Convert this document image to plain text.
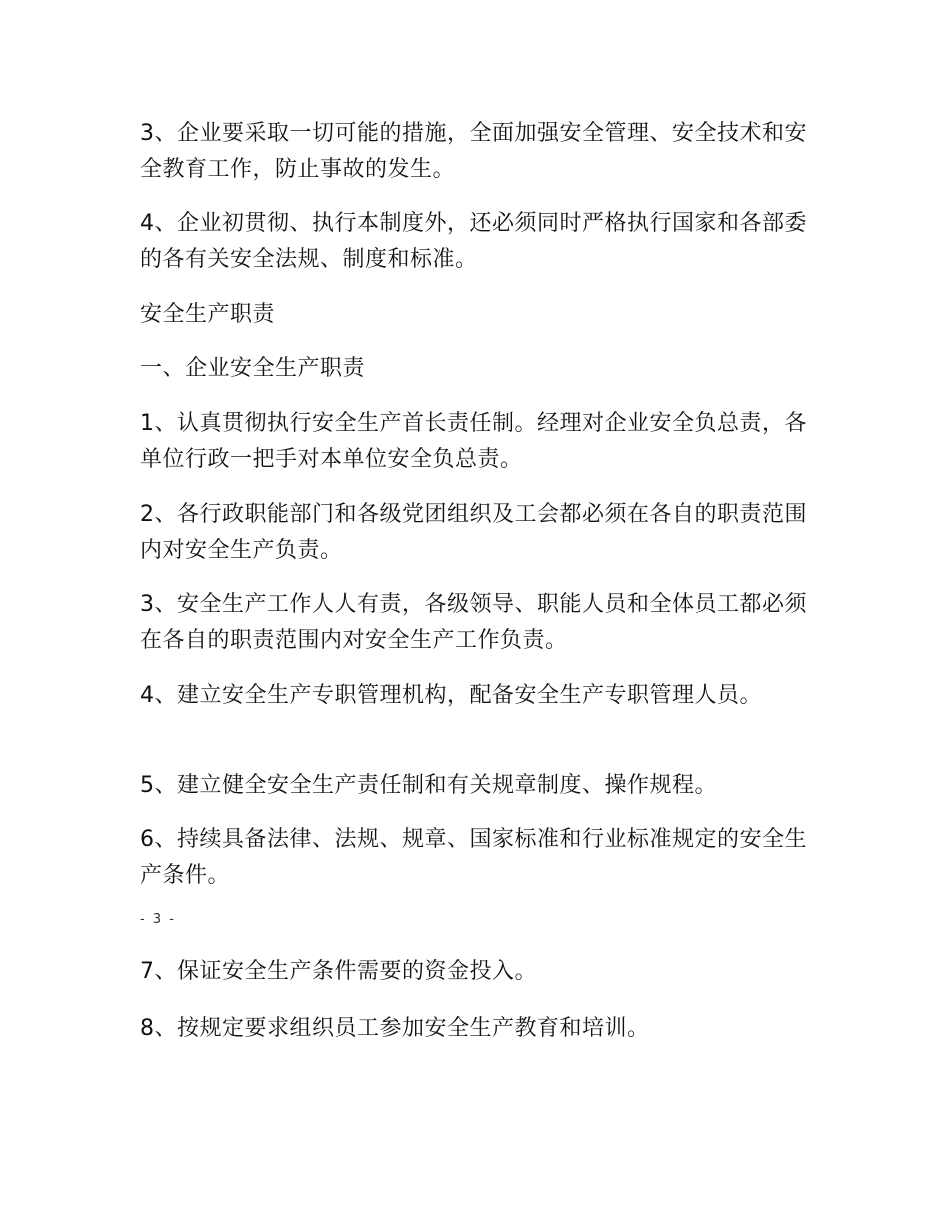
3、企业要采取一切可能的措施，全面加强安全管理、安全技术和安全教育工作，防止事故的发生。

4、企业初贯彻、执行本制度外，还必须同时严格执行国家和各部委的各有关安全法规、制度和标准。

安全生产职责

一、企业安全生产职责

1、认真贯彻执行安全生产首长责任制。经理对企业安全负总责，各单位行政一把手对本单位安全负总责。

2、各行政职能部门和各级党团组织及工会都必须在各自的职责范围内对安全生产负责。

3、安全生产工作人人有责，各级领导、职能人员和全体员工都必须在各自的职责范围内对安全生产工作负责。

4、建立安全生产专职管理机构，配备安全生产专职管理人员。

5、建立健全安全生产责任制和有关规章制度、操作规程。

6、持续具备法律、法规、规章、国家标准和行业标准规定的安全生产条件。

- 3 -

7、保证安全生产条件需要的资金投入。

8、按规定要求组织员工参加安全生产教育和培训。
